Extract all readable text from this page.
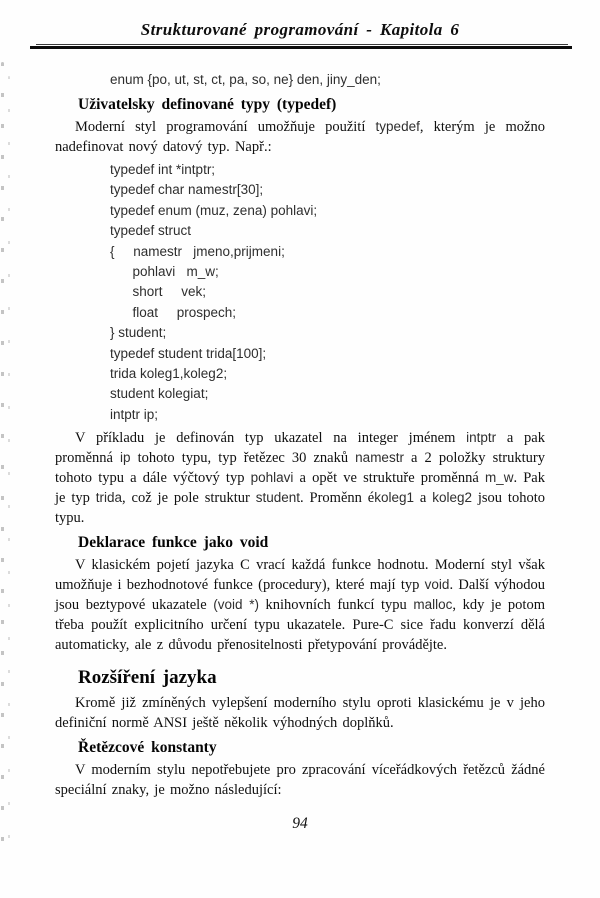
Strukturované programování - Kapitola 6
enum {po, ut, st, ct, pa, so, ne} den, jiny_den;
Uživatelsky definované typy (typedef)

Moderní styl programování umožňuje použití typedef, kterým je možno nadefinovat nový datový typ. Např.:

typedef int *intptr;
typedef char namestr[30];
typedef enum (muz, zena) pohlavi;
typedef struct
{     namestr   jmeno,prijmeni;
pohlavi   m_w;
short     vek;
float     prospech;
} student;
typedef student trida[100];
trida koleg1,koleg2;
student kolegiat;
intptr ip;

V příkladu je definován typ ukazatel na integer jménem intptr a pak proměnná ip tohoto typu, typ řetězec 30 znaků namestr a 2 položky struktury tohoto typu a dále výčtový typ pohlavi a opět ve struktuře proměnná m_w. Pak je typ trida, což je pole struktur student. Proměnn ékoleg1 a koleg2 jsou tohoto typu.

Deklarace funkce jako void

V klasickém pojetí jazyka C vrací každá funkce hodnotu. Moderní styl však umožňuje i bezhodnotové funkce (procedury), které mají typ void. Další výhodou jsou beztypové ukazatele (void *) knihovních funkcí typu malloc, kdy je potom třeba použít explicitního určení typu ukazatele. Pure-C sice řadu konverzí dělá automaticky, ale z důvodu přenositelnosti přetypování provádějte.

Rozšíření jazyka

Kromě již zmíněných vylepšení moderního stylu oproti klasickému je v jeho definiční normě ANSI ještě několik výhodných doplňků.

Řetězcové konstanty

V moderním stylu nepotřebujete pro zpracování víceřádkových řetězců žádné speciální znaky, je možno následující:

94
